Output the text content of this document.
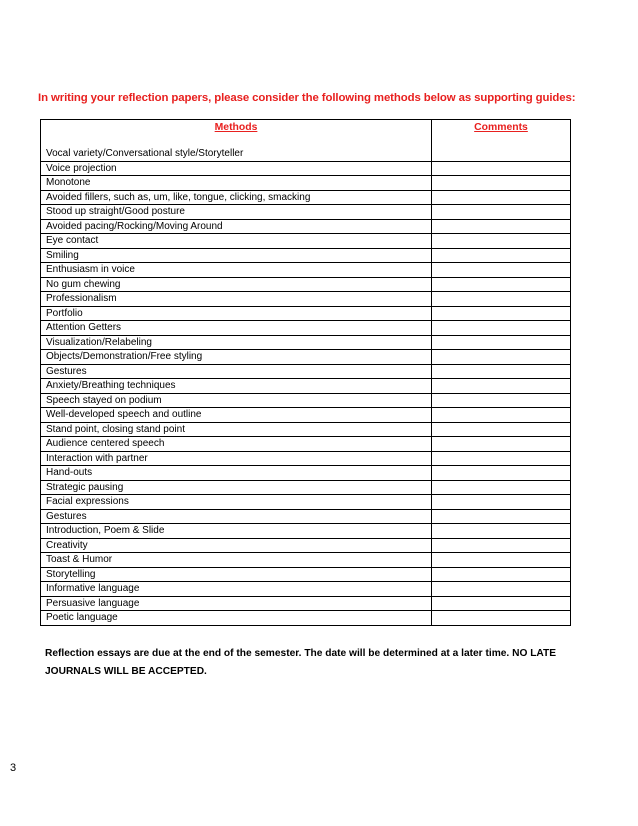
In writing your reflection papers, please consider the following methods below as supporting guides:
Methods	Comments

Vocal variety/Conversational style/Storyteller	
Voice projection	
Monotone	
Avoided fillers, such as, um, like, tongue, clicking, smacking	
Stood up straight/Good posture	
Avoided pacing/Rocking/Moving Around	
Eye contact	
Smiling	
Enthusiasm in voice	
No gum chewing	
Professionalism	
Portfolio	
Attention Getters	
Visualization/Relabeling	
Objects/Demonstration/Free styling	
Gestures	
Anxiety/Breathing techniques	
Speech stayed on podium	
Well-developed speech and outline	
Stand point, closing stand point	
Audience centered speech	
Interaction with partner	
Hand-outs	
Strategic pausing	
Facial expressions	
Gestures	
Introduction, Poem & Slide	
Creativity	
Toast & Humor	
Storytelling	
Informative language	
Persuasive language	
Poetic language	
Reflection essays are due at the end of the semester. The date will be determined at a later time. NO LATE JOURNALS WILL BE ACCEPTED.
3
